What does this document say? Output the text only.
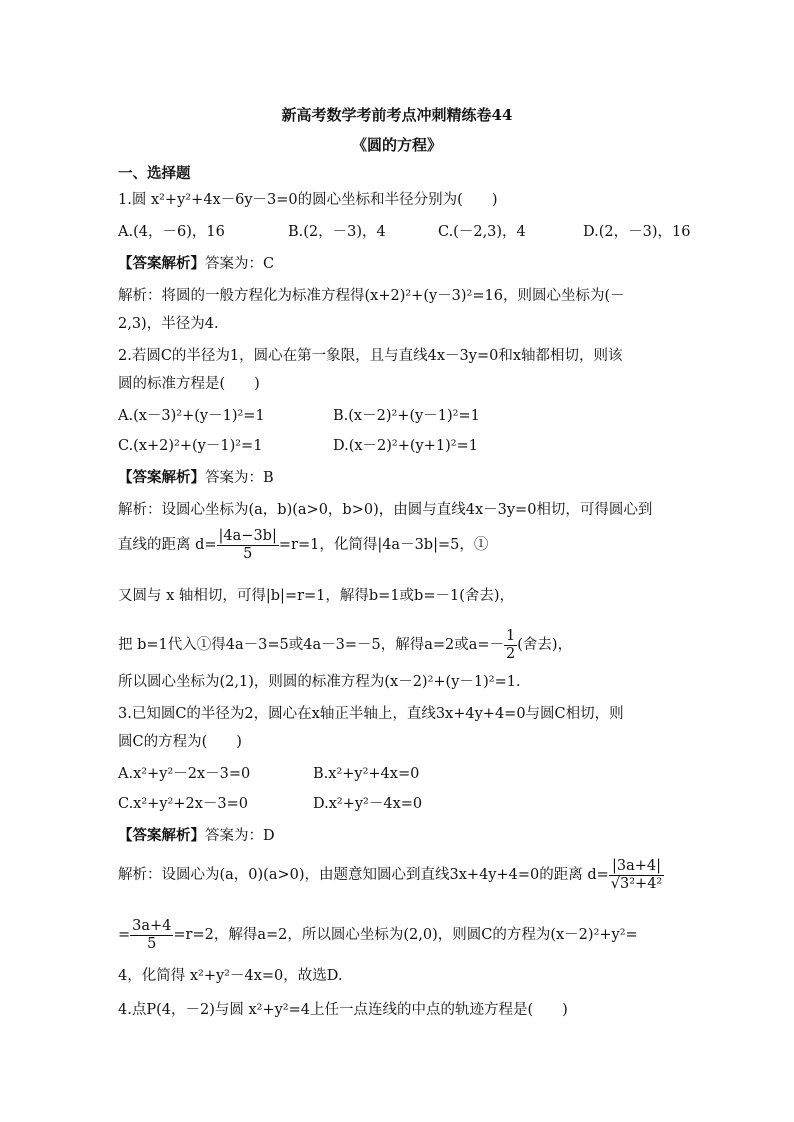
新高考数学考前考点冲刺精练卷44
《圆的方程》
一、选择题
1.圆 x²+y²+4x－6y－3=0的圆心坐标和半径分别为(　　)
A.(4，－6)，16	B.(2，－3)，4	C.(－2,3)，4	D.(2，－3)，16
【答案解析】答案为：C
解析：将圆的一般方程化为标准方程得(x+2)²+(y－3)²=16，则圆心坐标为(－
2,3)，半径为4.
2.若圆C的半径为1，圆心在第一象限，且与直线4x－3y=0和x轴都相切，则该
圆的标准方程是(　　)
A.(x－3)²+(y－1)²=1	B.(x－2)²+(y－1)²=1
C.(x+2)²+(y－1)²=1	D.(x－2)²+(y+1)²=1
【答案解析】答案为：B
解析：设圆心坐标为(a，b)(a>0，b>0)，由圆与直线4x－3y=0相切，可得圆心到
直线的距离 $d= \frac{|4a-3b|}{5} =r=1$，化简得|4a－3b|=5，①
又圆与 x 轴相切，可得|b|=r=1，解得b=1或b=－1(舍去)，
把 b=1代入①得4a－3=5或4a－3=－5，解得a=2或$a=- \frac{1}{2}$ (舍去)，
所以圆心坐标为(2,1)，则圆的标准方程为(x－2)²+(y－1)²=1.
3.已知圆C的半径为2，圆心在x轴正半轴上，直线3x+4y+4=0与圆C相切，则
圆C的方程为(　　)
A.x²+y²－2x－3=0	B.x²+y²+4x=0
C.x²+y²+2x－3=0	D.x²+y²－4x=0
【答案解析】答案为：D
解析：设圆心为(a，0)(a>0)，由题意知圆心到直线3x+4y+4=0的距离 $d= \frac{|3a+4|}{\text{√3²+4²}}$
= $\frac{3a+4}{5} =r=2$，解得a=2，所以圆心坐标为(2,0)，则圆C的方程为(x－2)²+y²=
4，化简得 x²+y²－4x=0，故选D.
4.点P(4，－2)与圆 x²+y²=4上任一点连线的中点的轨迹方程是(　　)
